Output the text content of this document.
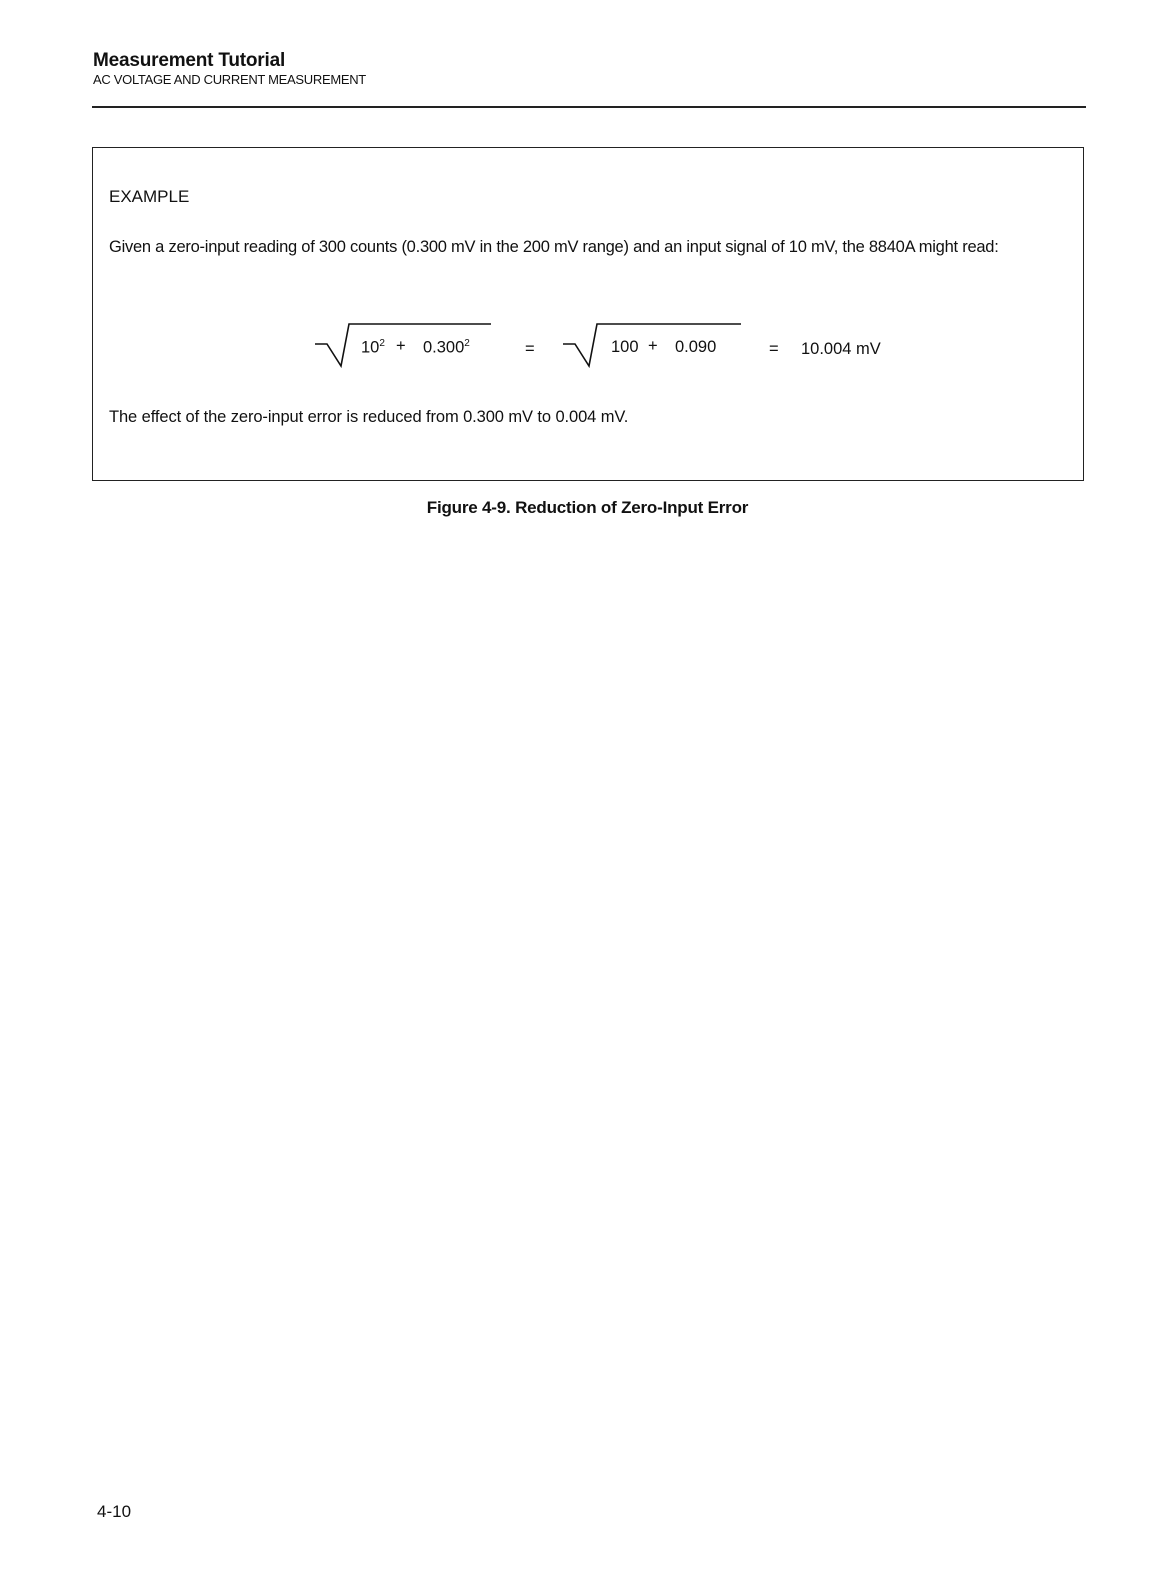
Measurement Tutorial
AC VOLTAGE AND CURRENT MEASUREMENT
EXAMPLE
Given a zero-input reading of 300 counts (0.300 mV in the 200 mV range) and an input signal of 10 mV, the 8840A might read:
$10^2 + 0.300^2$	=	100 + 0.090	= 10.004 mV
The effect of the zero-input error is reduced from 0.300 mV to 0.004 mV.
Figure 4-9. Reduction of Zero-Input Error
4-10
